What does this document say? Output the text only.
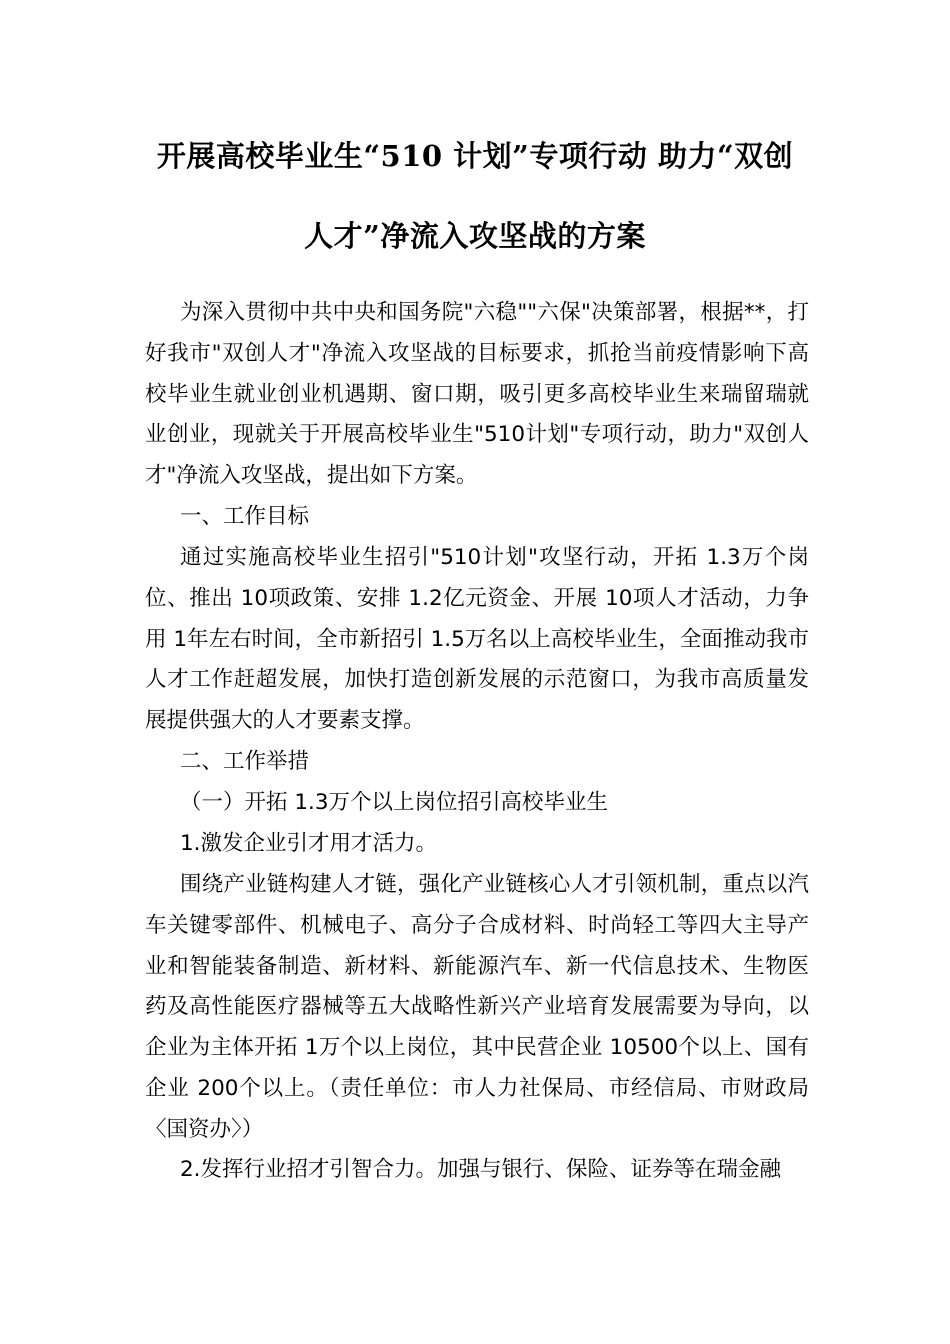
开展高校毕业生“510 计划”专项行动 助力“双创
人才”净流入攻坚战的方案

为深入贯彻中共中央和国务院"六稳""六保"决策部署，根据**，打好我市"双创人才"净流入攻坚战的目标要求，抓抢当前疫情影响下高校毕业生就业创业机遇期、窗口期，吸引更多高校毕业生来瑞留瑞就业创业，现就关于开展高校毕业生"510计划"专项行动，助力"双创人才"净流入攻坚战，提出如下方案。

一、工作目标

通过实施高校毕业生招引"510计划"攻坚行动，开拓 1.3万个岗位、推出 10项政策、安排 1.2亿元资金、开展 10项人才活动，力争用 1年左右时间，全市新招引 1.5万名以上高校毕业生，全面推动我市人才工作赶超发展，加快打造创新发展的示范窗口，为我市高质量发展提供强大的人才要素支撑。

二、工作举措

（一）开拓 1.3万个以上岗位招引高校毕业生

1.激发企业引才用才活力。

围绕产业链构建人才链，强化产业链核心人才引领机制，重点以汽车关键零部件、机械电子、高分子合成材料、时尚轻工等四大主导产业和智能装备制造、新材料、新能源汽车、新一代信息技术、生物医药及高性能医疗器械等五大战略性新兴产业培育发展需要为导向，以企业为主体开拓 1万个以上岗位，其中民营企业 10500个以上、国有企业 200个以上。（责任单位：市人力社保局、市经信局、市财政局〈国资办〉）

2.发挥行业招才引智合力。加强与银行、保险、证券等在瑞金融
